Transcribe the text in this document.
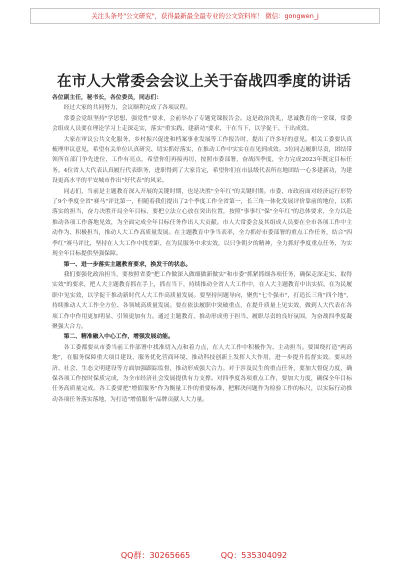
关注头条号"公文研究"，获得最新最全最专业的公文资料库！ 微信：gongwen_j
在市人大常委会会议上关于奋战四季度的讲话
各位副主任，秘书长，各位委员，同志们：

经过大家的共同努力，会议顺利完成了各项议程。

常委会党组坚持"学思想、强党性"要求，会前举办了专题党课报告会。这是政治洗礼，思诚教育的一堂课，常委会组成人员要在理论学习上走深走实，落实"重实践、建新功"要求，干在当下，以学促干、干出成效。

大家在审议公共文化服务、乡村振兴促进和档案事业发展等工作报告时，提出了许多好的意见。相关工委要认真梳理审议意见，希望有关单位认真研究、切实抓好落实，在推动工作中实实在在见到成效。3位同志履职尽责，团结带领所在部门争先进位，工作有亮点，希望你们再接再厉，按照市委部署，奋战四季度，全力完成2023年既定目标任务。4位省人大代表认真履行代表职务，进职得到了大家肯定，希望你们在市县级代表所在地团结一心多建新功，为建设更高水平的平安城市作出"好代表"的风采。

同志们，当前是主题教育深入开展的关键时期，也是决胜"全年红"的关键时期。市委、市政府面对经济运行形势了9个季度全省"赛马"评比第一，但随着我们提出了2个季度工作全省第一，长三角一体化发展评价靠前的地位，以抓落实的担当，奋力决胜开局全年目标，要把立法立心放在突出位置，按照"事事红"保"全年红"的总体要求，全力以赴推动各项工作落地见效，为全面完成全年目标任务作出人大贡献。市人大常委会及其组成人员要在全市各项工作中主动作为、积极担当，推动人大工作高质量发展。在主题教育中争当表率，全力抓好市委部署的重点工作任务，结合"四季红"赛马评比，坚持在人大工作中找差距、在为民服务中求实效，以只争朝夕的精神，全力抓好季度重点任务，为实现全年目标提供坚强保障。

第一、进一步落实主题教育要求，换发干的状态。

我们要强化政治担当，要按照省委"把工作做深入做细做新做实"和市委"抓紧抓细各项任务，确保走深走实、取得实效"的要求，把人大主题教育抓在手上，抓在当下，持续推动全省人大工作中，在人大主题教育中出实招、在为民履职中见实效，以学促干推动新时代人大工作高质量发展。要坚持问题导向，聚焦"七个强市"，打造长三角"四个地"，持续推动人大工作全方位、各领域高质量发展。要在依法履职中突破重点，在提升质量上见实效，做到人大代表在各项工作中作用更加明显、引领更加有力。通过主题教育，推动形成勇于担当、履职尽责的良好氛围，为奋战四季度凝聚强大合力。

第二、精准融入中心工作，增强发展动能。

各工委都要从市委当前工作部署中找准切入点和着力点，在人大工作中积极作为、主动担当。要围绕打造"两高地"，在服务保障重大项目建设、服务优化营商环境、推动科技创新上发挥人大作用，进一步提升监督实效。要从经济、社会、生态文明建设等方面加强跟踪监督，推动形成强大合力。对于涉及民生的重点任务，要加大督促力度，确保各项工作按时保质完成，为全市经济社会发展提供有力支撑。对四季度各项重点工作，要加大力度，确保全年目标任务高质量完成。各工委要把"增值服务"作为衡量工作的重要标准，把解决问题作为检验工作的标尺，以实际行动推动各项任务落实落地，为打造"增值服务"品牌贡献人大力量。

QQ群：30265665	QQ：535304092
